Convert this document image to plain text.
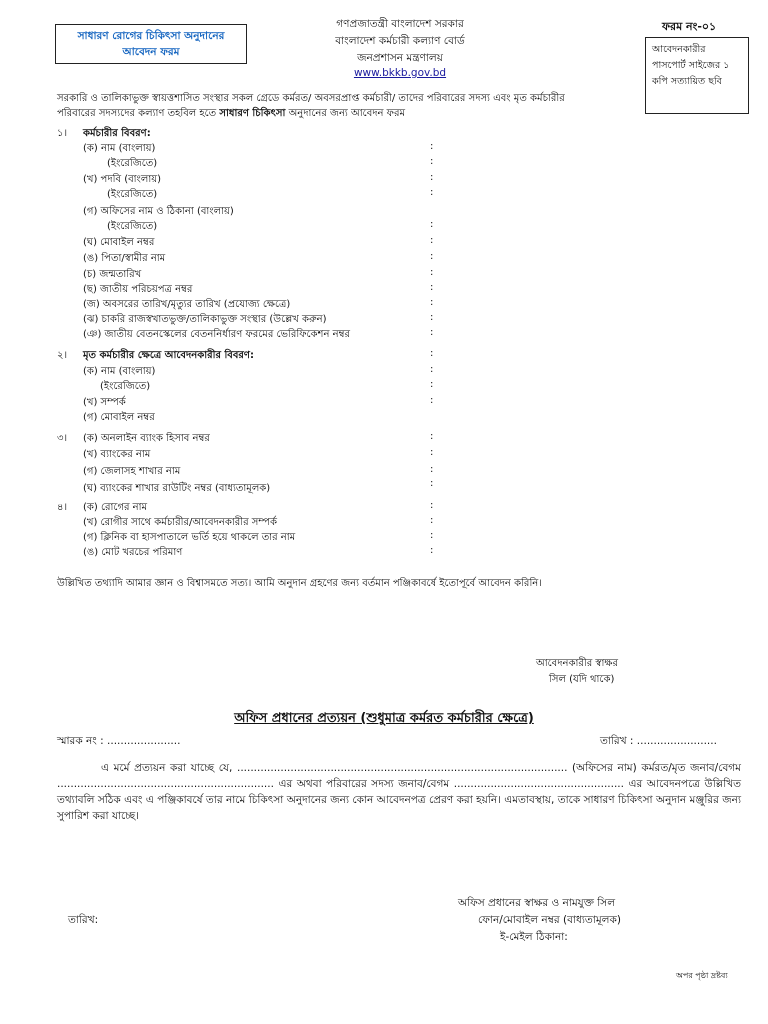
সাধারণ রোগের চিকিৎসা অনুদানের
আবেদন ফরম
গণপ্রজাতন্ত্রী বাংলাদেশ সরকার
বাংলাদেশ কর্মচারী কল্যাণ বোর্ড
জনপ্রশাসন মন্ত্রণালয়
www.bkkb.gov.bd
ফরম নং-০১
আবেদনকারীর পাসপোর্ট সাইজের ১ কপি সত্যায়িত ছবি
সরকারি ও তালিকাভুক্ত স্বায়ত্তশাসিত সংস্থার সকল গ্রেডে কর্মরত/ অবসরপ্রাপ্ত কর্মচারী/ তাদের পরিবারের সদস্য এবং মৃত কর্মচারীর
পরিবারের সদস্যদের কল্যাণ তহবিল হতে সাধারণ চিকিৎসা অনুদানের জন্য আবেদন ফরম
১। কর্মচারীর বিবরণ:
(ক) নাম (বাংলায়)
(ইংরেজিতে)
(খ) পদবি (বাংলায়)
(ইংরেজিতে)
(গ) অফিসের নাম ও ঠিকানা (বাংলায়)
(ইংরেজিতে)
(ঘ) মোবাইল নম্বর
(ঙ) পিতা/স্বামীর নাম
(চ) জন্মতারিখ
(ছ) জাতীয় পরিচয়পত্র নম্বর
(জ) অবসরের তারিখ/মৃত্যুর তারিখ (প্রযোজ্য ক্ষেত্রে)
(ঝ) চাকরি রাজস্বখাতভুক্ত/তালিকাভুক্ত সংস্থার (উল্লেখ করুন)
(ঞ) জাতীয় বেতনস্কেলের বেতননির্ধারণ ফরমের ভেরিফিকেশন নম্বর
:
:
:
:
:
:
:
:
:
:
:
:
২। মৃত কর্মচারীর ক্ষেত্রে আবেদনকারীর বিবরণ:
(ক) নাম (বাংলায়)
(ইংরেজিতে)
(খ) সম্পর্ক
(গ) মোবাইল নম্বর
:
:
:
:
৩। (ক) অনলাইন ব্যাংক হিসাব নম্বর
(খ) ব্যাংকের নাম
(গ) জেলাসহ শাখার নাম
(ঘ) ব্যাংকের শাখার রাউটিং নম্বর (বাধ্যতামূলক)
:
:
:
:
৪। (ক) রোগের নাম
(খ) রোগীর সাথে কর্মচারীর/আবেদনকারীর সম্পর্ক
(গ) ক্লিনিক বা হাসপাতালে ভর্তি হয়ে থাকলে তার নাম
(ঙ) মোট খরচের পরিমাণ
:
:
:
:
উল্লিখিত তথ্যাদি আমার জ্ঞান ও বিশ্বাসমতে সত্য। আমি অনুদান গ্রহণের জন্য বর্তমান পঞ্জিকাবর্ষে ইতোপূর্বে আবেদন করিনি।
আবেদনকারীর স্বাক্ষর
সিল (যদি থাকে)
অফিস প্রধানের প্রত্যয়ন (শুধুমাত্র কর্মরত কর্মচারীর ক্ষেত্রে)
স্মারক নং : ......................	তারিখ : ........................
এ মর্মে প্রত্যয়ন করা যাচ্ছে যে, ................................................................................................... (অফিসের নাম) কর্মরত/মৃত জনাব/বেগম ................................................................. এর অথবা পরিবারের সদস্য জনাব/বেগম ................................................... এর আবেদনপত্রে উল্লিখিত তথ্যাবলি সঠিক এবং এ পঞ্জিকাবর্ষে তার নামে চিকিৎসা অনুদানের জন্য কোন আবেদনপত্র প্রেরণ করা হয়নি। এমতাবস্থায়, তাকে সাধারণ চিকিৎসা অনুদান মঞ্জুরির জন্য সুপারিশ করা যাচ্ছে।
অফিস প্রধানের স্বাক্ষর ও নামযুক্ত সিল
ফোন/মোবাইল নম্বর (বাধ্যতামূলক)
ই-মেইল ঠিকানা:
তারিখ:
অপর পৃষ্ঠা দ্রষ্টব্য
